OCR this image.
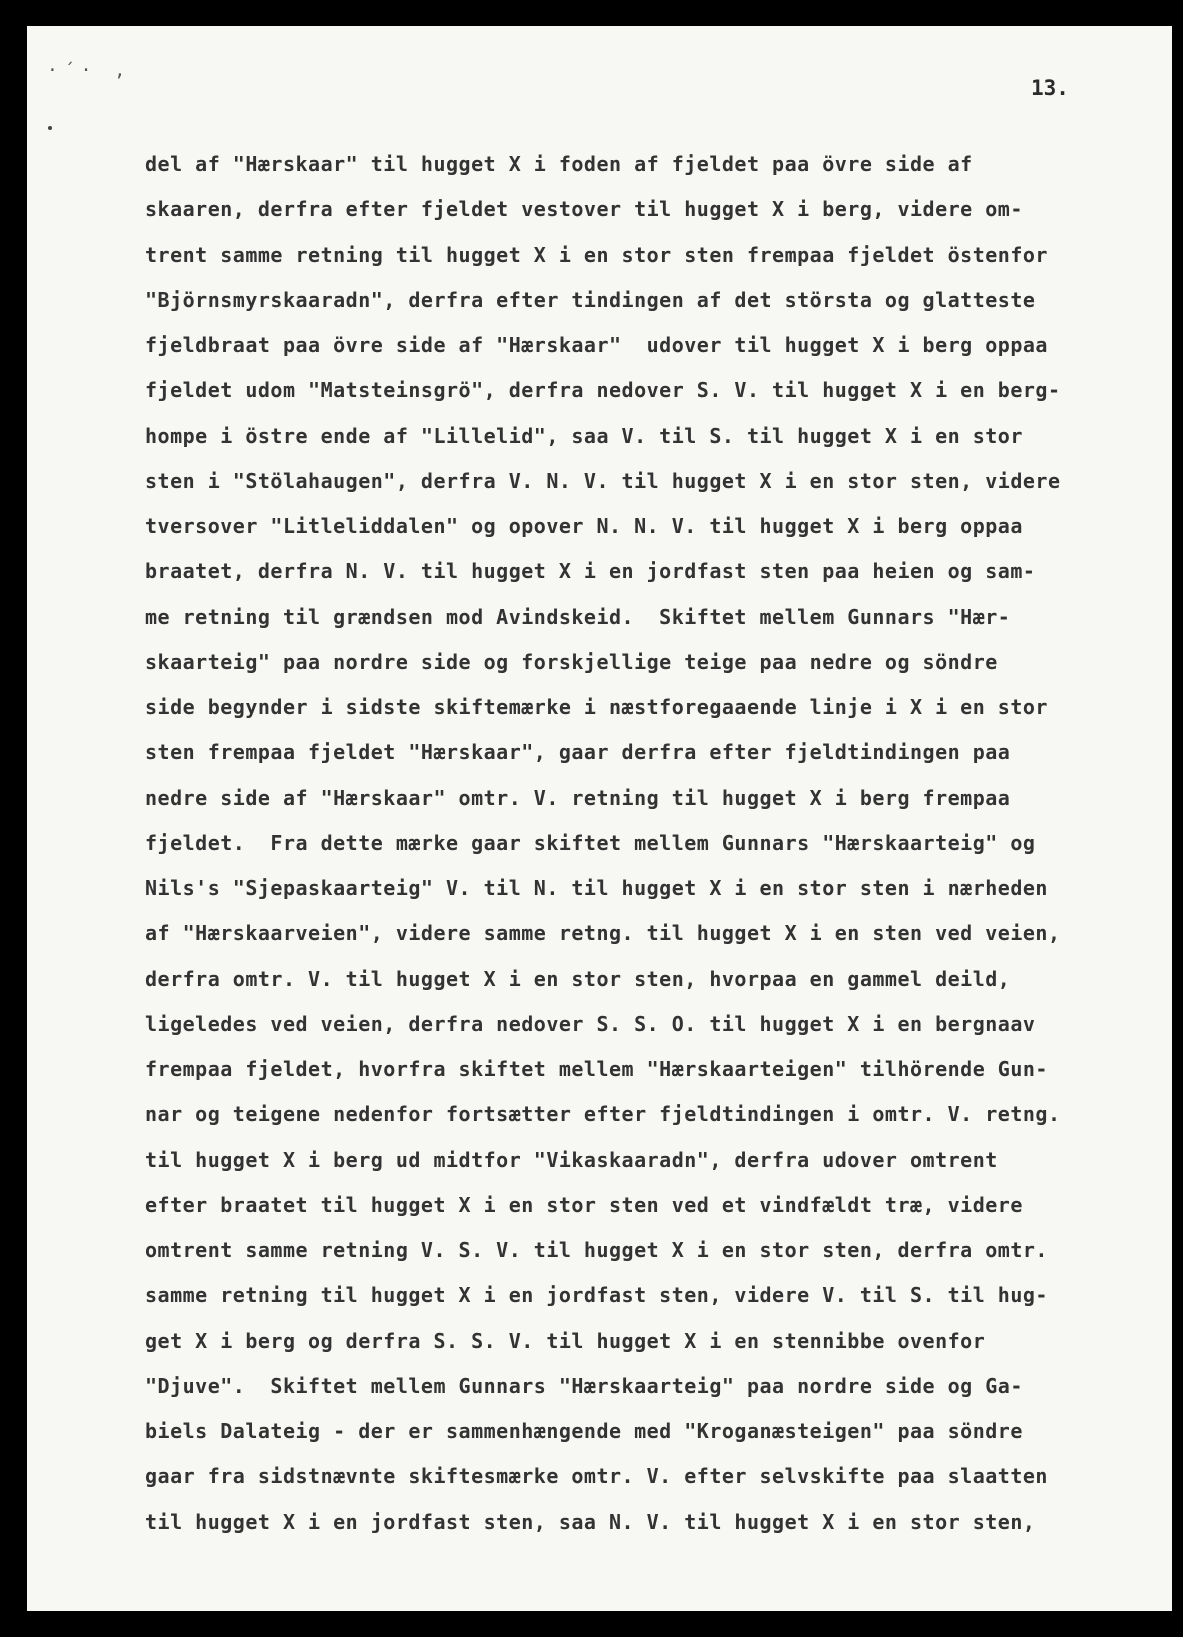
·´· ,
13.
del af "Hærskaar" til hugget X i foden af fjeldet paa övre side af
skaaren, derfra efter fjeldet vestover til hugget X i berg, videre om-
trent samme retning til hugget X i en stor sten frempaa fjeldet östenfor
"Björnsmyrskaaradn", derfra efter tindingen af det största og glatteste
fjeldbraat paa övre side af "Hærskaar"  udover til hugget X i berg oppaa
fjeldet udom "Matsteinsgrö", derfra nedover S. V. til hugget X i en berg-
hompe i östre ende af "Lillelid", saa V. til S. til hugget X i en stor
sten i "Stölahaugen", derfra V. N. V. til hugget X i en stor sten, videre
tversover "Litleliddalen" og opover N. N. V. til hugget X i berg oppaa
braatet, derfra N. V. til hugget X i en jordfast sten paa heien og sam-
me retning til grændsen mod Avindskeid.  Skiftet mellem Gunnars "Hær-
skaarteig" paa nordre side og forskjellige teige paa nedre og söndre
side begynder i sidste skiftemærke i næstforegaaende linje i X i en stor
sten frempaa fjeldet "Hærskaar", gaar derfra efter fjeldtindingen paa
nedre side af "Hærskaar" omtr. V. retning til hugget X i berg frempaa
fjeldet.  Fra dette mærke gaar skiftet mellem Gunnars "Hærskaarteig" og
Nils's "Sjepaskaarteig" V. til N. til hugget X i en stor sten i nærheden
af "Hærskaarveien", videre samme retng. til hugget X i en sten ved veien,
derfra omtr. V. til hugget X i en stor sten, hvorpaa en gammel deild,
ligeledes ved veien, derfra nedover S. S. O. til hugget X i en bergnaav
frempaa fjeldet, hvorfra skiftet mellem "Hærskaarteigen" tilhörende Gun-
nar og teigene nedenfor fortsætter efter fjeldtindingen i omtr. V. retng.
til hugget X i berg ud midtfor "Vikaskaaradn", derfra udover omtrent
efter braatet til hugget X i en stor sten ved et vindfældt træ, videre
omtrent samme retning V. S. V. til hugget X i en stor sten, derfra omtr.
samme retning til hugget X i en jordfast sten, videre V. til S. til hug-
get X i berg og derfra S. S. V. til hugget X i en stennibbe ovenfor
"Djuve".  Skiftet mellem Gunnars "Hærskaarteig" paa nordre side og Ga-
biels Dalateig - der er sammenhængende med "Kroganæsteigen" paa söndre
gaar fra sidstnævnte skiftesmærke omtr. V. efter selvskifte paa slaatten
til hugget X i en jordfast sten, saa N. V. til hugget X i en stor sten,
